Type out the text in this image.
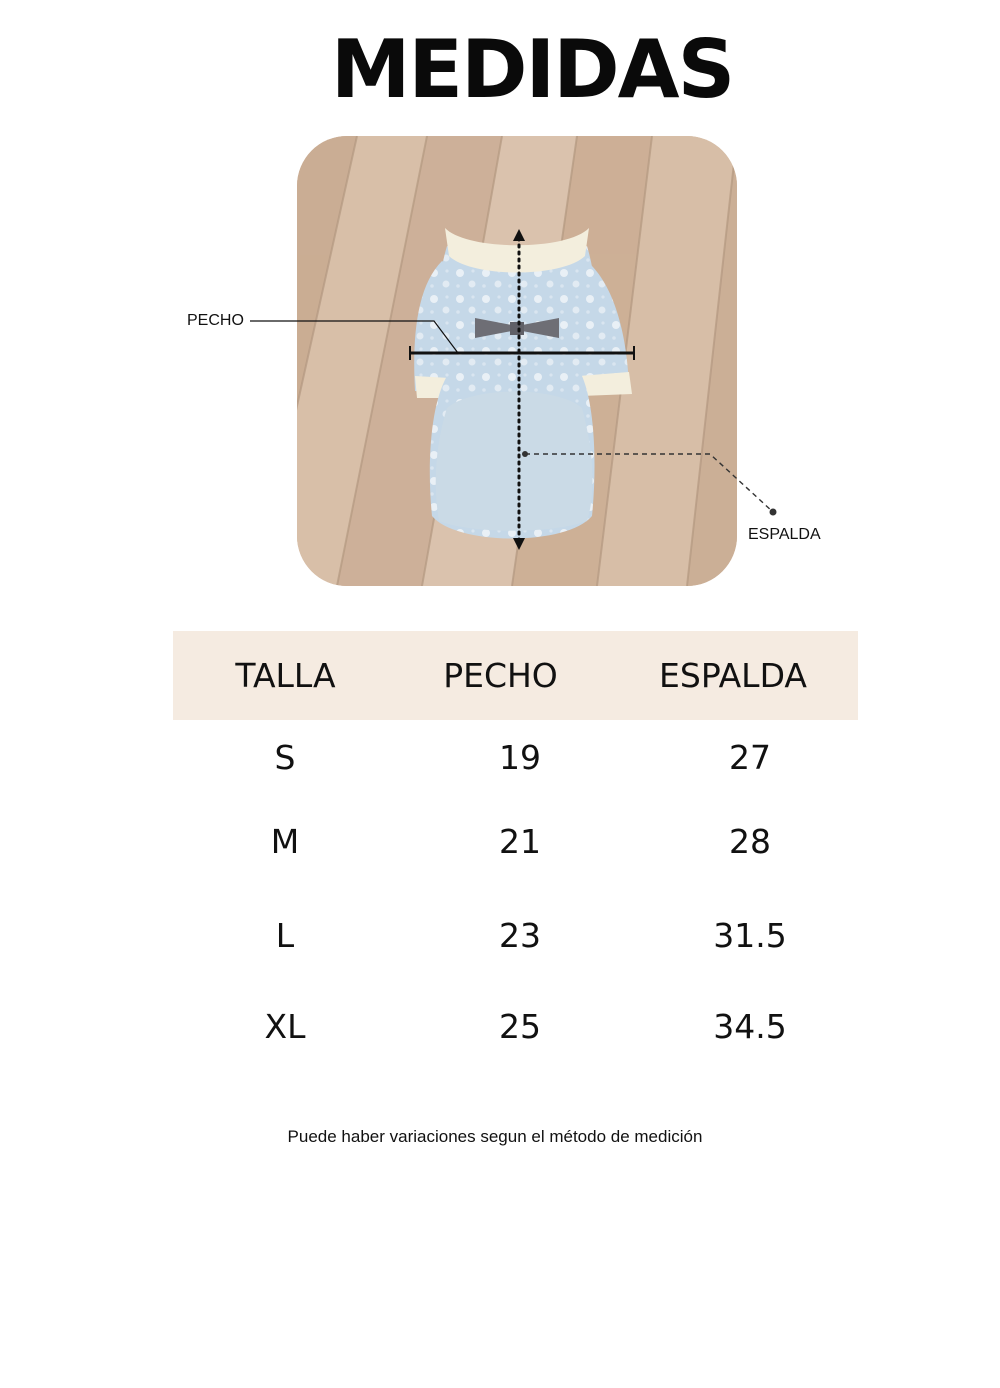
MEDIDAS
PECHO
ESPALDA
TALLA	PECHO	ESPALDA
S	19	27
M	21	28
L	23	31.5
XL	25	34.5
Puede haber variaciones segun el método de medición
